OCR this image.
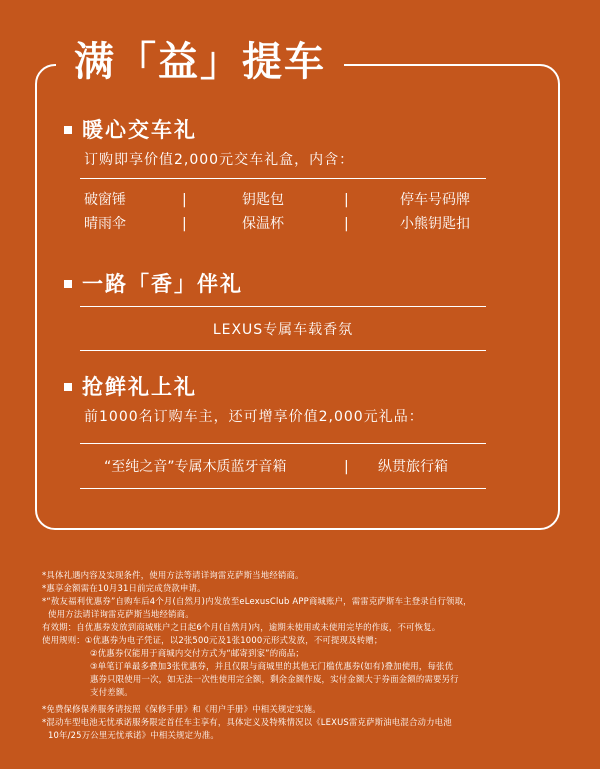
满「益」提车
暖心交车礼
订购即享价值2,000元交车礼盒，内含：
破窗锤	|	钥匙包	|	停车号码牌
晴雨伞	|	保温杯	|	小熊钥匙扣
一路「香」伴礼
LEXUS专属车载香氛
抢鲜礼上礼
前1000名订购车主，还可增享价值2,000元礼品：
“至纯之音”专属木质蓝牙音箱	| 纵贯旅行箱
*具体礼遇内容及实现条件，使用方法等请详询雷克萨斯当地经销商。
*惠享金额需在10月31日前完成贷款申请。
*“敖友福利优惠券”自购车后4个月(自然月)内发放至eLexusClub APP商城账户，需雷克萨斯车主登录自行领取，
使用方法请详询雷克萨斯当地经销商。
有效期：自优惠券发放到商城账户之日起6个月(自然月)内，逾期未使用或未使用完毕的作废，不可恢复。
使用规则：①优惠券为电子凭证，以2张500元及1张1000元形式发放，不可提现及转赠；
②优惠券仅能用于商城内交付方式为“邮寄到家”的商品；
③单笔订单最多叠加3张优惠券，并且仅限与商城里的其他无门槛优惠券(如有)叠加使用，每张优
惠券只限使用一次，如无法一次性使用完全额，剩余金额作废，实付金额大于券面金额的需要另行
支付差额。
*免费保修保养服务请按照《保修手册》和《用户手册》中相关规定实施。
*混动车型电池无忧承诺服务限定首任车主享有，具体定义及特殊情况以《LEXUS雷克萨斯油电混合动力电池
10年/25万公里无忧承诺》中相关规定为准。
